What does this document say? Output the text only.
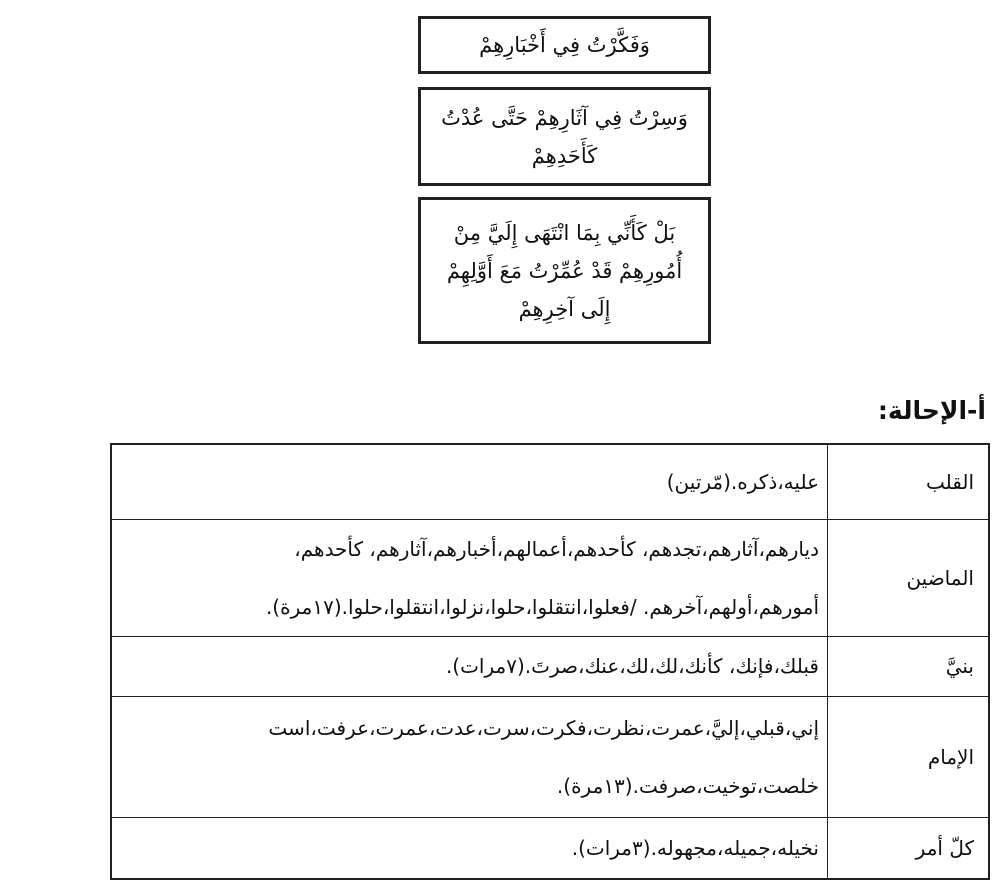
وَفَكَّرْتُ فِي أَخْبَارِهِمْ
وَسِرْتُ فِي آثَارِهِمْ حَتَّى عُدْتُ
كَأَحَدِهِمْ
بَلْ كَأَنِّي بِمَا انْتَهَى إِلَيَّ مِنْ
أُمُورِهِمْ قَدْ عُمِّرْتُ مَعَ أَوَّلِهِمْ
إِلَى آخِرِهِمْ
أ-الإحالة:
القلب	عليه،ذكره.(مّرتين)

الماضين	ديارهم،آثارهم،تجدهم، كأحدهم،أعمالهم،أخبارهم،آثارهم، كأحدهم،
أمورهم،أولهم،آخرهم. /فعلوا،انتقلوا،حلوا،نزلوا،انتقلوا،حلوا.(١٧مرة).

بنيَّ	قبلك،فإنك، كأنك،لك،لك،عنك،صرتَ.(٧مرات).

الإمام	إني،قبلي،إليَّ،عمرت،نظرت،فكرت،سرت،عدت،عمرت،عرفت،است
خلصت،توخيت،صرفت.(١٣مرة).

كلّ أمر	نخيله،جميله،مجهوله.(٣مرات).
